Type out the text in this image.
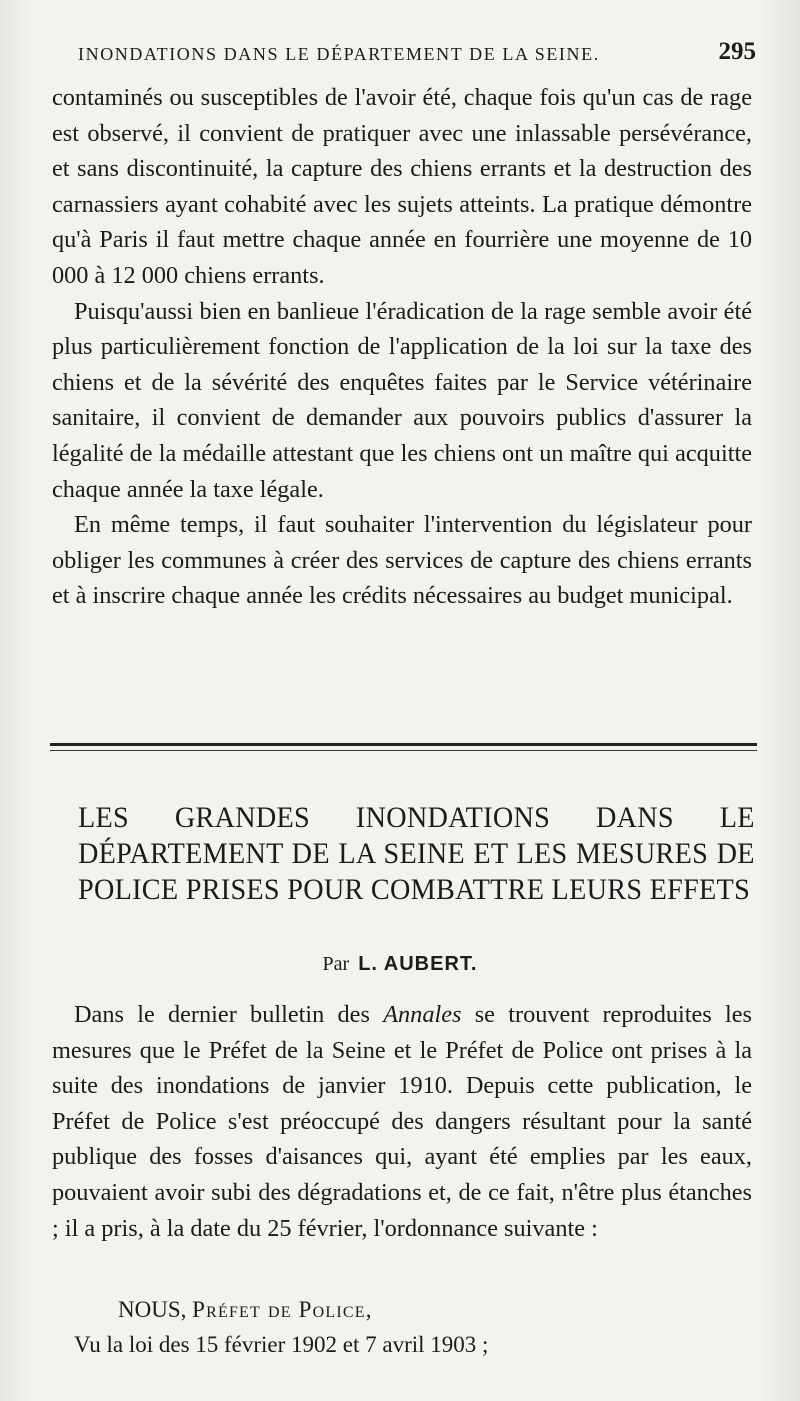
INONDATIONS DANS LE DÉPARTEMENT DE LA SEINE.	295

contaminés ou susceptibles de l'avoir été, chaque fois qu'un cas de rage est observé, il convient de pratiquer avec une inlassable persévérance, et sans discontinuité, la capture des chiens errants et la destruction des carnassiers ayant cohabité avec les sujets atteints. La pratique démontre qu'à Paris il faut mettre chaque année en fourrière une moyenne de 10 000 à 12 000 chiens errants.

Puisqu'aussi bien en banlieue l'éradication de la rage semble avoir été plus particulièrement fonction de l'application de la loi sur la taxe des chiens et de la sévérité des enquêtes faites par le Service vétérinaire sanitaire, il convient de demander aux pouvoirs publics d'assurer la légalité de la médaille attestant que les chiens ont un maître qui acquitte chaque année la taxe légale.

En même temps, il faut souhaiter l'intervention du législateur pour obliger les communes à créer des services de capture des chiens errants et à inscrire chaque année les crédits nécessaires au budget municipal.

LES GRANDES INONDATIONS DANS LE DÉPARTEMENT DE LA SEINE ET LES MESURES DE POLICE PRISES POUR COMBATTRE LEURS EFFETS
Par L. AUBERT.

Dans le dernier bulletin des Annales se trouvent reproduites les mesures que le Préfet de la Seine et le Préfet de Police ont prises à la suite des inondations de janvier 1910. Depuis cette publication, le Préfet de Police s'est préoccupé des dangers résultant pour la santé publique des fosses d'aisances qui, ayant été emplies par les eaux, pouvaient avoir subi des dégradations et, de ce fait, n'être plus étanches ; il a pris, à la date du 25 février, l'ordonnance suivante :

NOUS, Préfet de Police,
Vu la loi des 15 février 1902 et 7 avril 1903 ;
